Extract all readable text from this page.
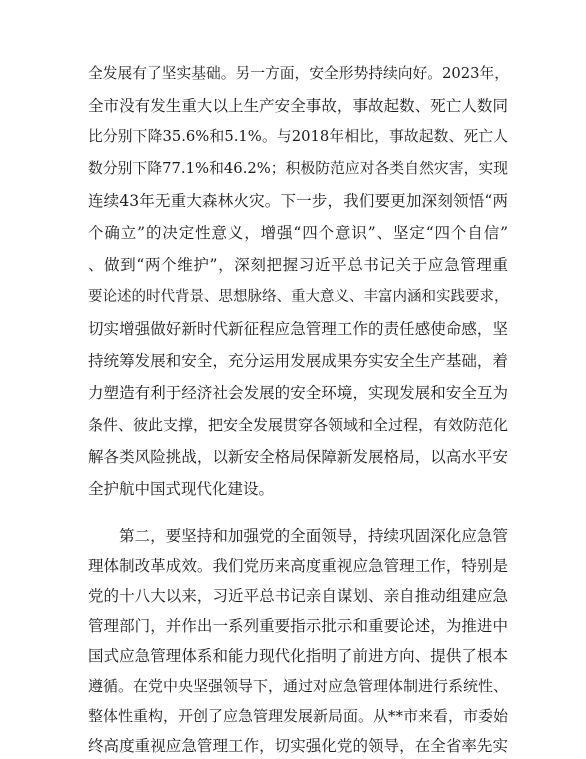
全发展有了坚实基础。另一方面，安全形势持续向好。2023年，
全市没有发生重大以上生产安全事故，事故起数、死亡人数同
比分别下降35.6%和5.1%。与2018年相比，事故起数、死亡人
数分别下降77.1%和46.2%；积极防范应对各类自然灾害，实现
连续43年无重大森林火灾。下一步，我们要更加深刻领悟“两
个确立”的决定性意义，增强“四个意识”、坚定“四个自信”
、做到“两个维护”，深刻把握习近平总书记关于应急管理重
要论述的时代背景、思想脉络、重大意义、丰富内涵和实践要求，
切实增强做好新时代新征程应急管理工作的责任感使命感，坚
持统筹发展和安全，充分运用发展成果夯实安全生产基础，着
力塑造有利于经济社会发展的安全环境，实现发展和安全互为
条件、彼此支撑，把安全发展贯穿各领域和全过程，有效防范化
解各类风险挑战，以新安全格局保障新发展格局，以高水平安
全护航中国式现代化建设。
第二，要坚持和加强党的全面领导，持续巩固深化应急管
理体制改革成效。我们党历来高度重视应急管理工作，特别是
党的十八大以来，习近平总书记亲自谋划、亲自推动组建应急
管理部门，并作出一系列重要指示批示和重要论述，为推进中
国式应急管理体系和能力现代化指明了前进方向、提供了根本
遵循。在党中央坚强领导下，通过对应急管理体制进行系统性、
整体性重构，开创了应急管理发展新局面。从**市来看，市委始
终高度重视应急管理工作，切实强化党的领导，在全省率先实
